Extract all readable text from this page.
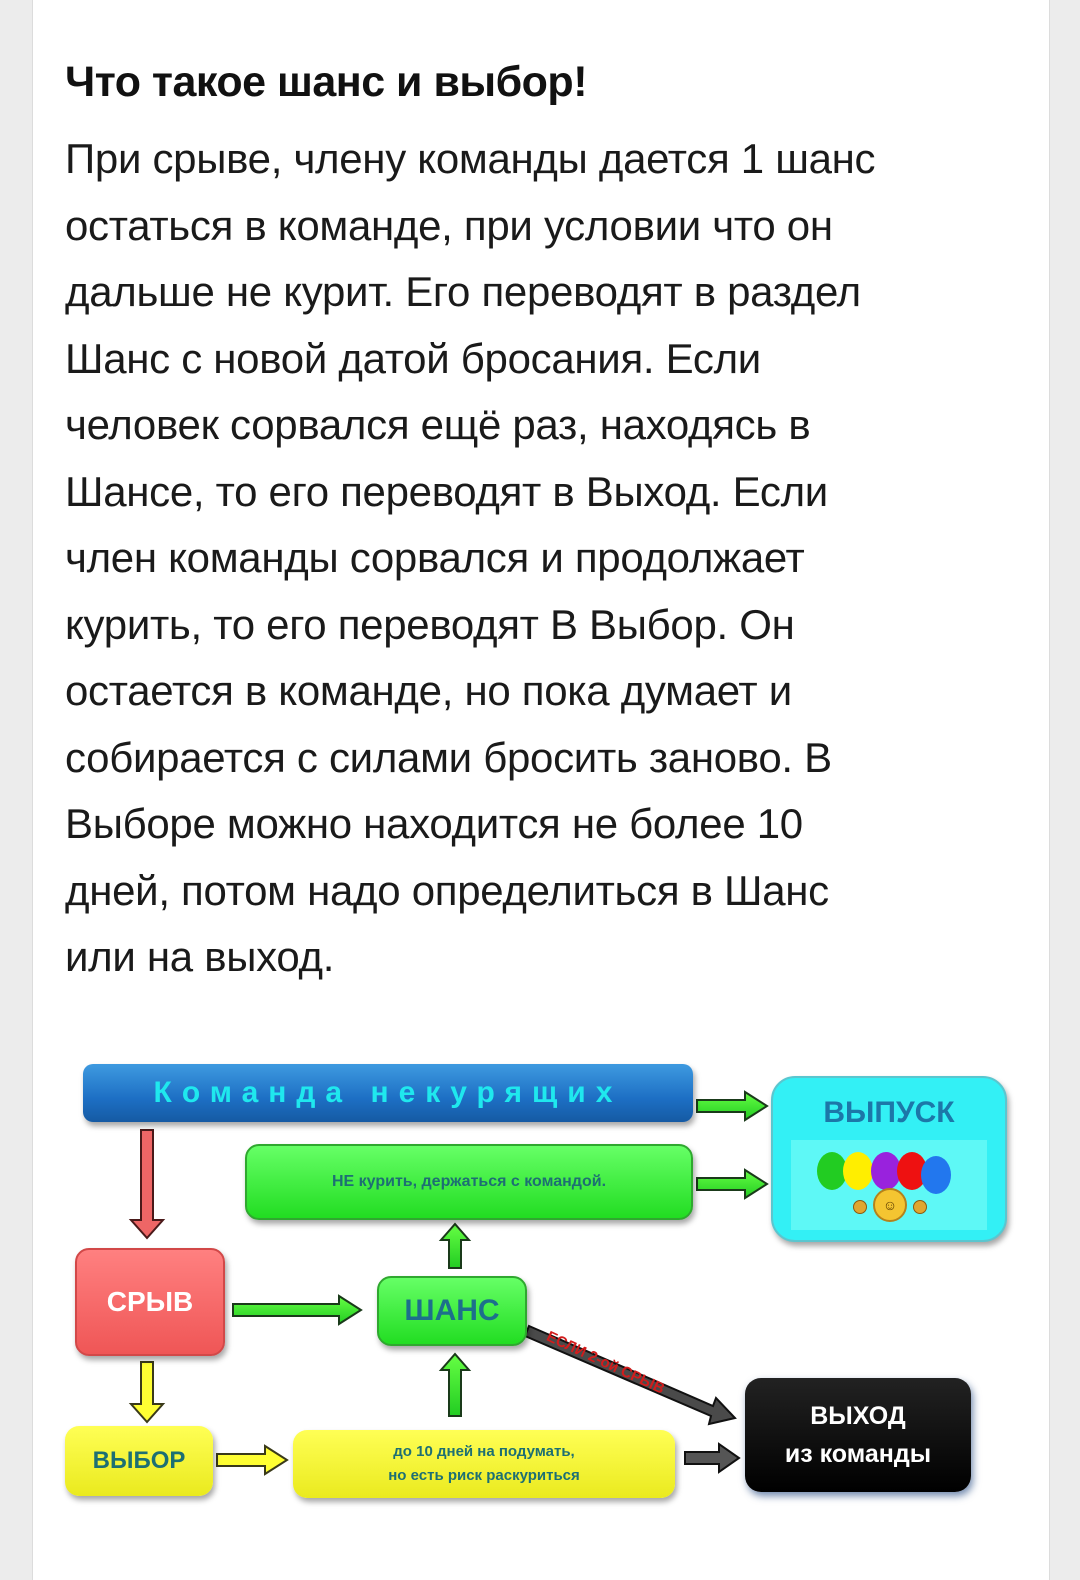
Что такое шанс и выбор!
При срыве, члену команды дается 1 шанс
остаться в команде, при условии что он
дальше не курит. Его переводят в раздел
Шанс с новой датой бросания. Если
человек сорвался ещё раз, находясь в
Шансе, то его переводят в Выход. Если
член команды сорвался и продолжает
курить, то его переводят В Выбор. Он
остается в команде, но пока думает и
собирается с силами бросить заново. В
Выборе можно находится не более 10
дней, потом надо определиться в Шанс
или на выход.
Команда некурящих
НЕ курить, держаться с командой.
ВЫПУСК
☺
СРЫВ	ШАНС
ЕСЛИ 2-ой СРЫВ
ВЫБОР	до 10 дней на подумать,
но есть риск раскуриться
ВЫХОД
из команды
